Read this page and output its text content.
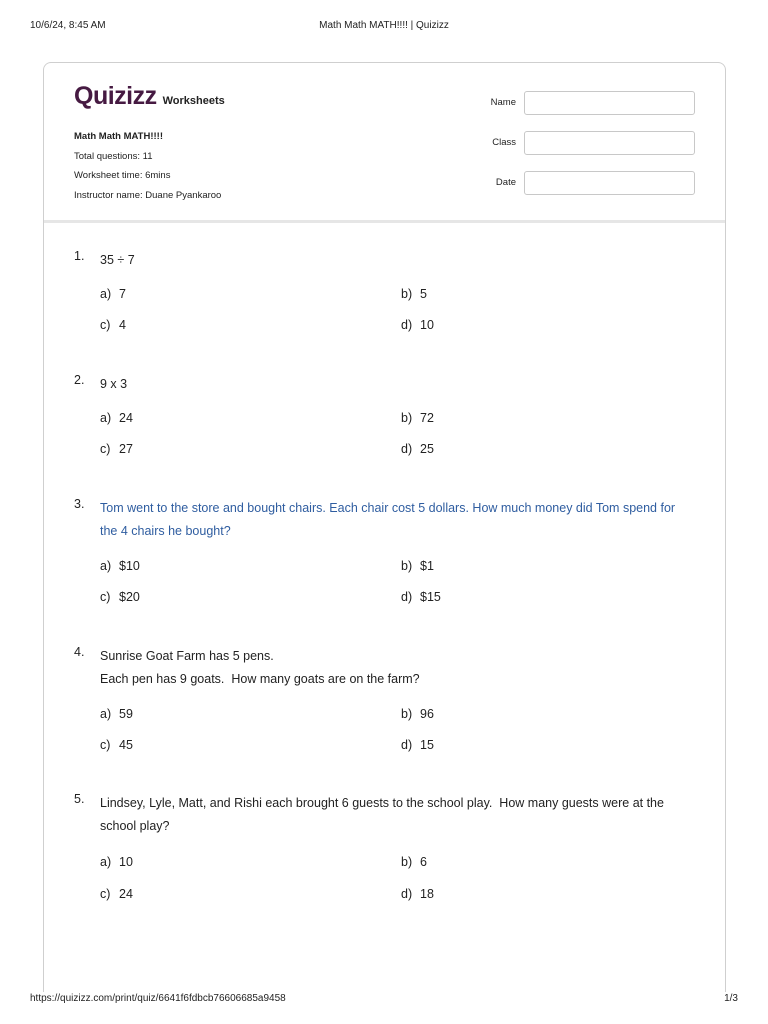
10/6/24, 8:45 AM	Math Math MATH!!!! | Quizizz
Quizizz Worksheets
Math Math MATH!!!!
Total questions: 11
Worksheet time: 6mins
Instructor name: Duane Pyankaroo
Name
Class
Date
1. 35 ÷ 7
a) 7	b) 5
c) 4	d) 10
2. 9 x 3
a) 24	b) 72
c) 27	d) 25
3. Tom went to the store and bought chairs. Each chair cost 5 dollars. How much money did Tom spend for
the 4 chairs he bought?
a) $10	b) $1
c) $20	d) $15
4. Sunrise Goat Farm has 5 pens.
Each pen has 9 goats.  How many goats are on the farm?
a) 59	b) 96
c) 45	d) 15
5. Lindsey, Lyle, Matt, and Rishi each brought 6 guests to the school play.  How many guests were at the
school play?
a) 10	b) 6
c) 24	d) 18
https://quizizz.com/print/quiz/6641f6fdbcb76606685a9458	1/3
